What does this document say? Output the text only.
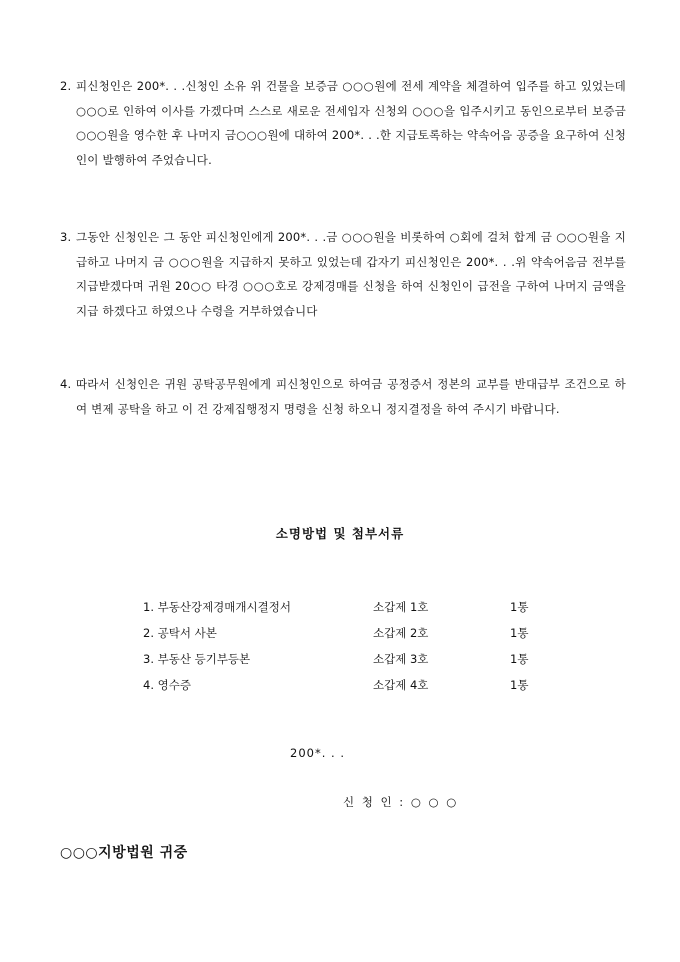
2. 피신청인은 200*. . .신청인 소유 위 건물을 보증금 ○○○원에 전세 계약을 체결하여 입주를 하고 있었는데 ○○○로 인하여 이사를 가겠다며 스스로 새로운 전세입자 신청외 ○○○을 입주시키고 동인으로부터 보증금 ○○○원을 영수한 후 나머지 금○○○원에 대하여 200*. . .한 지급토록하는 약속어음 공증을 요구하여 신청인이 발행하여 주었습니다.
3. 그동안 신청인은 그 동안 피신청인에게 200*. . .금 ○○○원을 비롯하여 ○회에 걸쳐 합계 금 ○○○원을 지급하고 나머지 금 ○○○원을 지급하지 못하고 있었는데 갑자기 피신청인은 200*. . .위 약속어음금 전부를 지급받겠다며 귀원 20○○ 타경 ○○○호로 강제경매를 신청을 하여 신청인이 급전을 구하여 나머지 금액을 지급 하겠다고 하였으나 수령을 거부하였습니다
4. 따라서 신청인은 귀원 공탁공무원에게 피신청인으로 하여금 공정증서 정본의 교부를 반대급부 조건으로 하여 변제 공탁을 하고 이 건 강제집행정지 명령을 신청 하오니 정지결정을 하여 주시기 바랍니다.
소명방법 및 첨부서류
1. 부동산강제경매개시결정서	소갑제 1호	1통
2. 공탁서 사본	소갑제 2호	1통
3. 부동산 등기부등본	소갑제 3호	1통
4. 영수증	소갑제 4호	1통
200*. . .
신 청 인 : ○ ○ ○
○○○지방법원 귀중
